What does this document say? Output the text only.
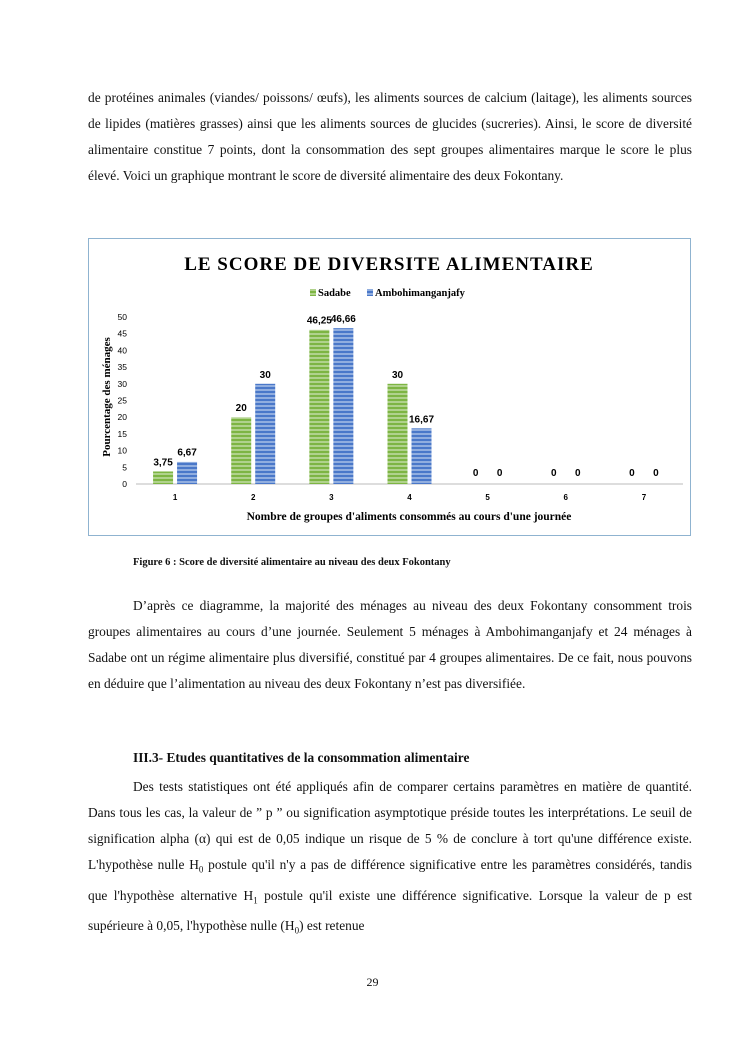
de protéines animales (viandes/ poissons/ œufs), les aliments sources de calcium (laitage), les aliments sources de lipides (matières grasses) ainsi que les aliments sources de glucides (sucreries). Ainsi, le score de diversité alimentaire constitue 7 points, dont la consommation des sept groupes alimentaires marque le score le plus élevé. Voici un graphique montrant le score de diversité alimentaire des deux Fokontany.

LE SCORE DE DIVERSITE ALIMENTAIRE
Sadabe Ambohimanganjafy
Pourcentage des ménages
Nombre de groupes d'aliments consommés au cours d'une journée
0
5
10
15
20
25
30
35
40
45
50
1
3,75
6,67
2
20
30
3
46,25
46,66
4
30
16,67
5
0 0
6
0 0
7
0 0
Figure 6 : Score de diversité alimentaire au niveau des deux Fokontany

D’après ce diagramme, la majorité des ménages au niveau des deux Fokontany consomment trois groupes alimentaires au cours d’une journée. Seulement 5 ménages à Ambohimanganjafy et 24 ménages à Sadabe ont un régime alimentaire plus diversifié, constitué par 4 groupes alimentaires. De ce fait, nous pouvons en déduire que l’alimentation au niveau des deux Fokontany n’est pas diversifiée.

III.3- Etudes quantitatives de la consommation alimentaire

Des tests statistiques ont été appliqués afin de comparer certains paramètres en matière de quantité. Dans tous les cas, la valeur de ˮ p ˮ ou signification asymptotique préside toutes les interprétations. Le seuil de signification alpha (α) qui est de 0,05 indique un risque de 5 % de conclure à tort qu'une différence existe. L'hypothèse nulle $H_0$ postule qu'il n'y a pas de différence significative entre les paramètres considérés, tandis que l'hypothèse alternative $H_1$ postule qu'il existe une différence significative. Lorsque la valeur de p est supérieure à 0,05, l'hypothèse nulle $(H_0)$ est retenue

29
